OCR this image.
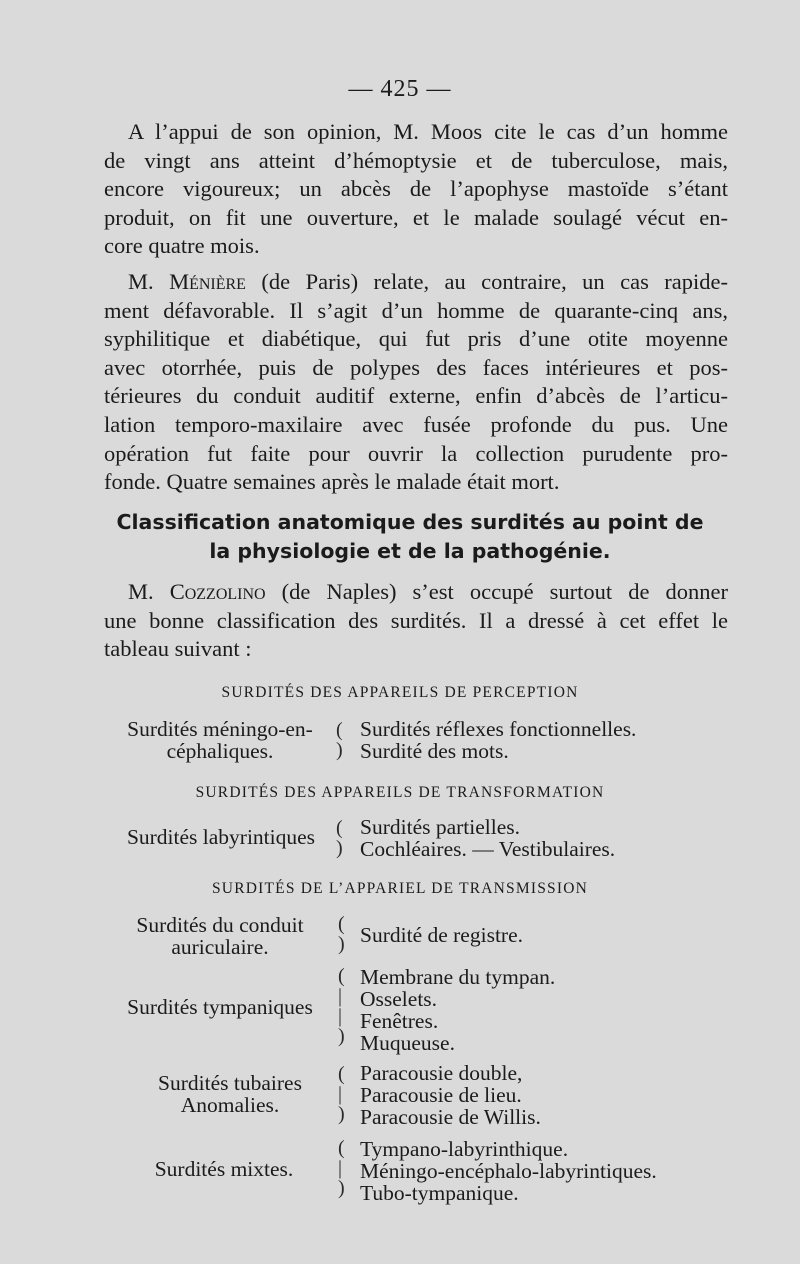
— 425 —
A l’appui de son opinion, M. Moos cite le cas d’un homme
de vingt ans atteint d’hémoptysie et de tuberculose, mais,
encore vigoureux; un abcès de l’apophyse mastoïde s’étant
produit, on fit une ouverture, et le malade soulagé vécut en-
core quatre mois.
M. Ménière (de Paris) relate, au contraire, un cas rapide-
ment défavorable. Il s’agit d’un homme de quarante-cinq ans,
syphilitique et diabétique, qui fut pris d’une otite moyenne
avec otorrhée, puis de polypes des faces intérieures et pos-
térieures du conduit auditif externe, enfin d’abcès de l’articu-
lation temporo-maxilaire avec fusée profonde du pus. Une
opération fut faite pour ouvrir la collection purudente pro-
fonde. Quatre semaines après le malade était mort.
Classification anatomique des surdités au point de
la physiologie et de la pathogénie.
M. Cozzolino (de Naples) s’est occupé surtout de donner
une bonne classification des surdités. Il a dressé à cet effet le
tableau suivant :
SURDITÉS DES APPAREILS DE PERCEPTION
Surdités méningo-en-
céphaliques.
(
)
Surdités réflexes fonctionnelles.
Surdité des mots.
SURDITÉS DES APPAREILS DE TRANSFORMATION
Surdités labyrintiques	(
)
Surdités partielles.
Cochléaires. — Vestibulaires.
SURDITÉS DE L’APPARIEL DE TRANSMISSION
Surdités du conduit
auriculaire.
(
) Surdité de registre.
Surdités tympaniques
(
|
|
)
Membrane du tympan.
Osselets.
Fenêtres.
Muqueuse.
Surdités tubaires
Anomalies.
(
|
)
Paracousie double,
Paracousie de lieu.
Paracousie de Willis.
Surdités mixtes.
(
|
)
Tympano-labyrinthique.
Méningo-encéphalo-labyrintiques.
Tubo-tympanique.
